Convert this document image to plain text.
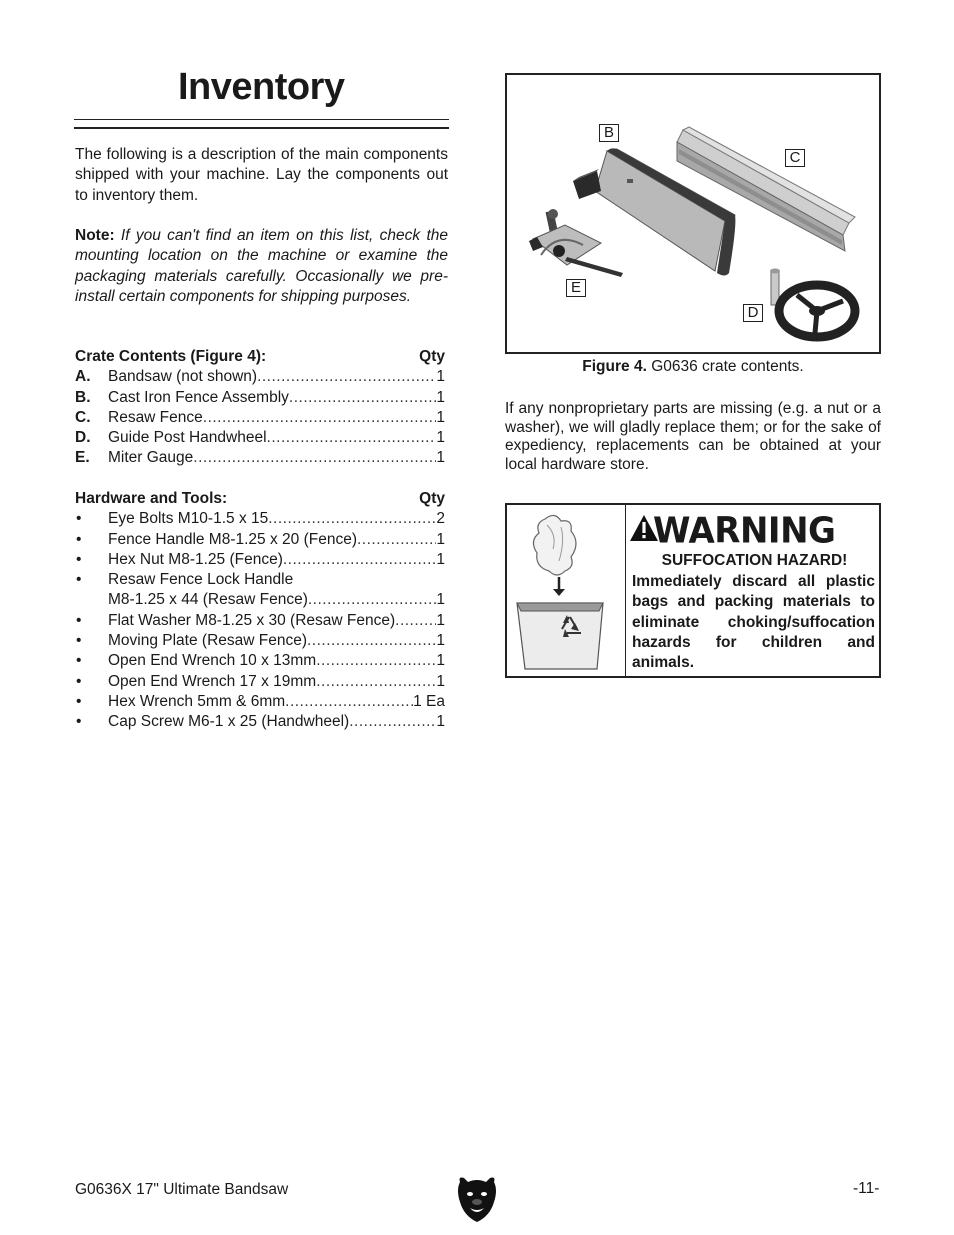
Inventory

The following is a description of the main components shipped with your machine. Lay the components out to inventory them.

Note: If you can't find an item on this list, check the mounting location on the machine or examine the packaging materials carefully. Occasionally we pre-install certain components for shipping purposes.

Crate Contents (Figure 4):	Qty
A.	Bandsaw (not shown) .....	1
B.	Cast Iron Fence Assembly .....	1
C.	Resaw Fence .....	1
D.	Guide Post Handwheel .....	1
E.	Miter Gauge .....	1
Hardware and Tools:	Qty
•	Eye Bolts M10-1.5 x 15 .....	2
•	Fence Handle M8-1.25 x 20 (Fence) .....	1
•	Hex Nut M8-1.25 (Fence) .....	1
•	Resaw Fence Lock Handle
M8-1.25 x 44 (Resaw Fence) .....	1
•	Flat Washer M8-1.25 x 30 (Resaw Fence) .....	1
•	Moving Plate (Resaw Fence) .....	1
•	Open End Wrench 10 x 13mm .....	1
•	Open End Wrench 17 x 19mm .....	1
•	Hex Wrench 5mm & 6mm .....	1 Ea
•	Cap Screw M6-1 x 25 (Handwheel) .....	1
B
C
E
D
Figure 4. G0636 crate contents.

If any nonproprietary parts are missing (e.g. a nut or a washer), we will gladly replace them; or for the sake of expediency, replacements can be obtained at your local hardware store.

WARNING
SUFFOCATION HAZARD!
Immediately discard all plastic bags and packing materials to eliminate choking/suffocation hazards for children and animals.
G0636X 17" Ultimate Bandsaw	-11-
